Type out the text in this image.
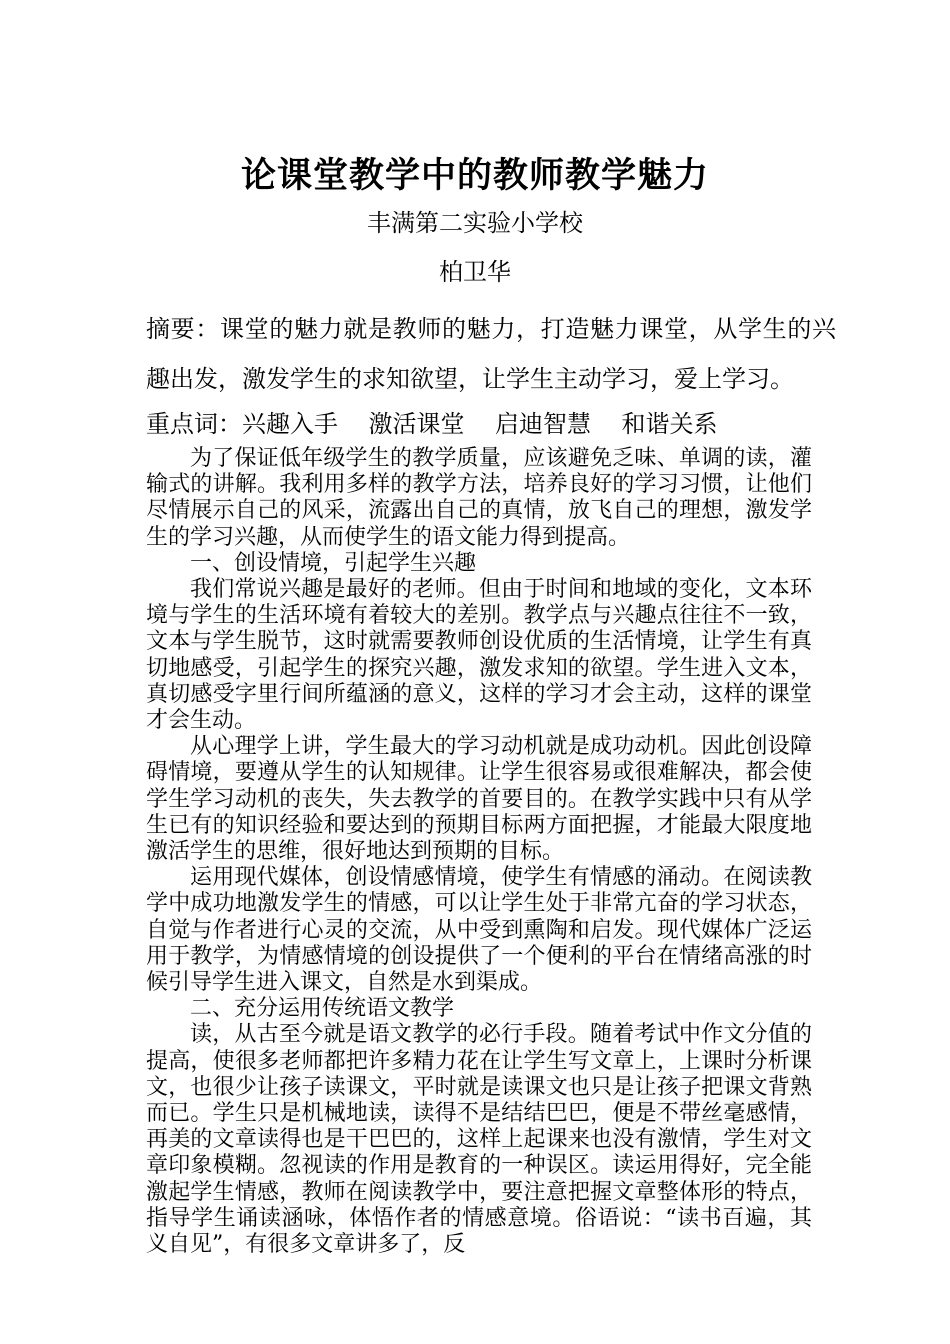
论课堂教学中的教师教学魅力
丰满第二实验小学校
柏卫华
摘要：课堂的魅力就是教师的魅力，打造魅力课堂，从学生的兴趣出发，激发学生的求知欲望，让学生主动学习，爱上学习。
重点词：兴趣入手    激活课堂    启迪智慧    和谐关系

为了保证低年级学生的教学质量，应该避免乏味、单调的读，灌输式的讲解。我利用多样的教学方法，培养良好的学习习惯，让他们尽情展示自己的风采，流露出自己的真情，放飞自己的理想，激发学生的学习兴趣，从而使学生的语文能力得到提高。

一、创设情境，引起学生兴趣

我们常说兴趣是最好的老师。但由于时间和地域的变化，文本环境与学生的生活环境有着较大的差别。教学点与兴趣点往往不一致，文本与学生脱节，这时就需要教师创设优质的生活情境，让学生有真切地感受，引起学生的探究兴趣，激发求知的欲望。学生进入文本，真切感受字里行间所蕴涵的意义，这样的学习才会主动，这样的课堂才会生动。

从心理学上讲，学生最大的学习动机就是成功动机。因此创设障碍情境，要遵从学生的认知规律。让学生很容易或很难解决，都会使学生学习动机的丧失，失去教学的首要目的。在教学实践中只有从学生已有的知识经验和要达到的预期目标两方面把握，才能最大限度地激活学生的思维，很好地达到预期的目标。

运用现代媒体，创设情感情境，使学生有情感的涌动。在阅读教学中成功地激发学生的情感，可以让学生处于非常亢奋的学习状态，自觉与作者进行心灵的交流，从中受到熏陶和启发。现代媒体广泛运用于教学，为情感情境的创设提供了一个便利的平台在情绪高涨的时候引导学生进入课文，自然是水到渠成。

二、充分运用传统语文教学

读，从古至今就是语文教学的必行手段。随着考试中作文分值的提高，使很多老师都把许多精力花在让学生写文章上，上课时分析课文，也很少让孩子读课文，平时就是读课文也只是让孩子把课文背熟而已。学生只是机械地读，读得不是结结巴巴，便是不带丝毫感情，再美的文章读得也是干巴巴的，这样上起课来也没有激情，学生对文章印象模糊。忽视读的作用是教育的一种误区。读运用得好，完全能激起学生情感，教师在阅读教学中，要注意把握文章整体形的特点，指导学生诵读涵咏，体悟作者的情感意境。俗语说：“读书百遍，其义自见”，有很多文章讲多了，反
